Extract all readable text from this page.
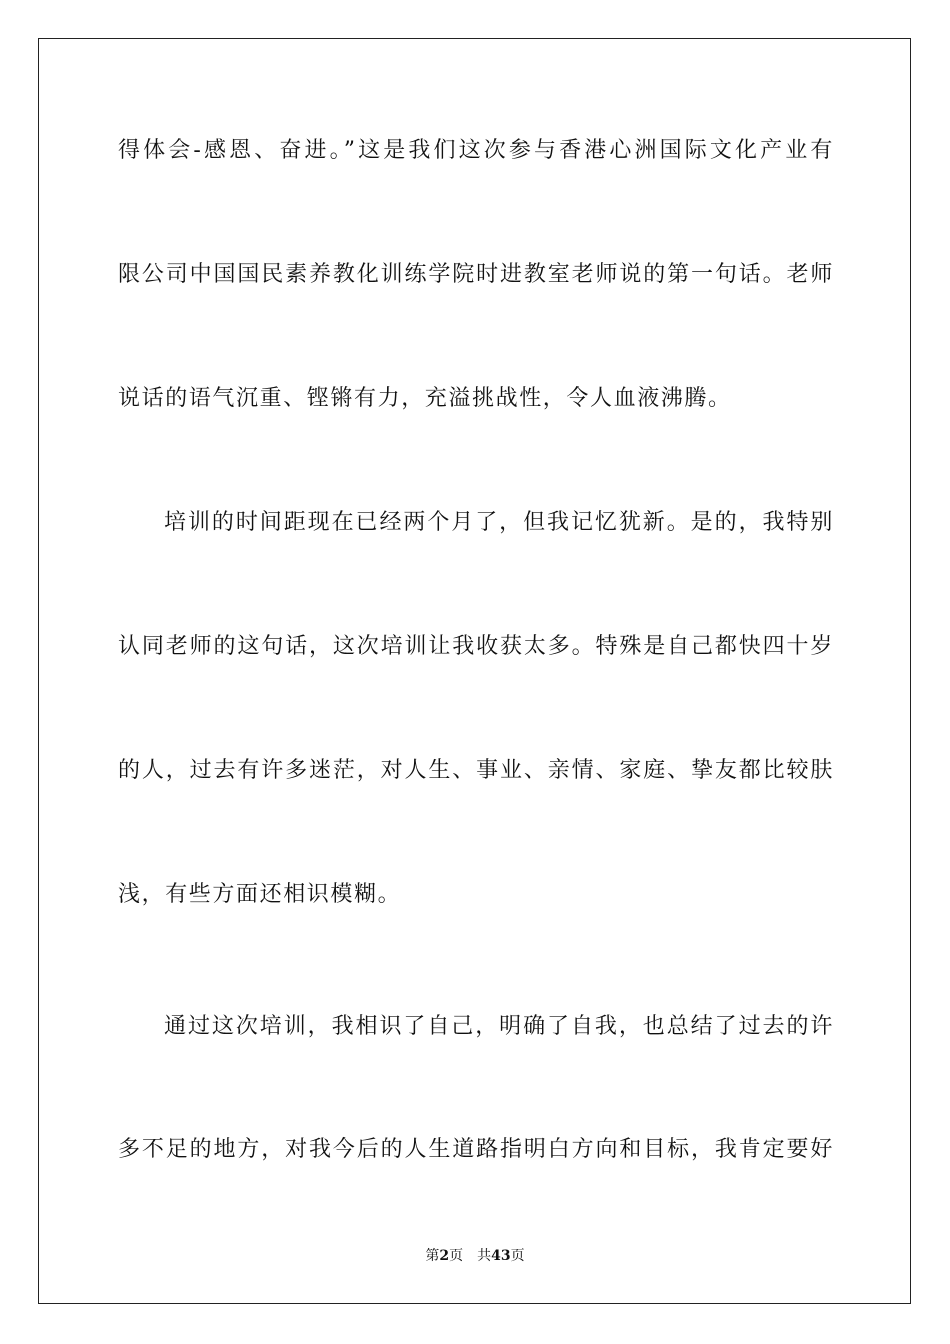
得体会-感恩、奋进。”这是我们这次参与香港心洲国际文化产业有
限公司中国国民素养教化训练学院时进教室老师说的第一句话。老师
说话的语气沉重、铿锵有力，充溢挑战性，令人血液沸腾。
培训的时间距现在已经两个月了，但我记忆犹新。是的，我特别
认同老师的这句话，这次培训让我收获太多。特殊是自己都快四十岁
的人，过去有许多迷茫，对人生、事业、亲情、家庭、挚友都比较肤
浅，有些方面还相识模糊。
通过这次培训，我相识了自己，明确了自我，也总结了过去的许
多不足的地方，对我今后的人生道路指明白方向和目标，我肯定要好
第2页 共43页
